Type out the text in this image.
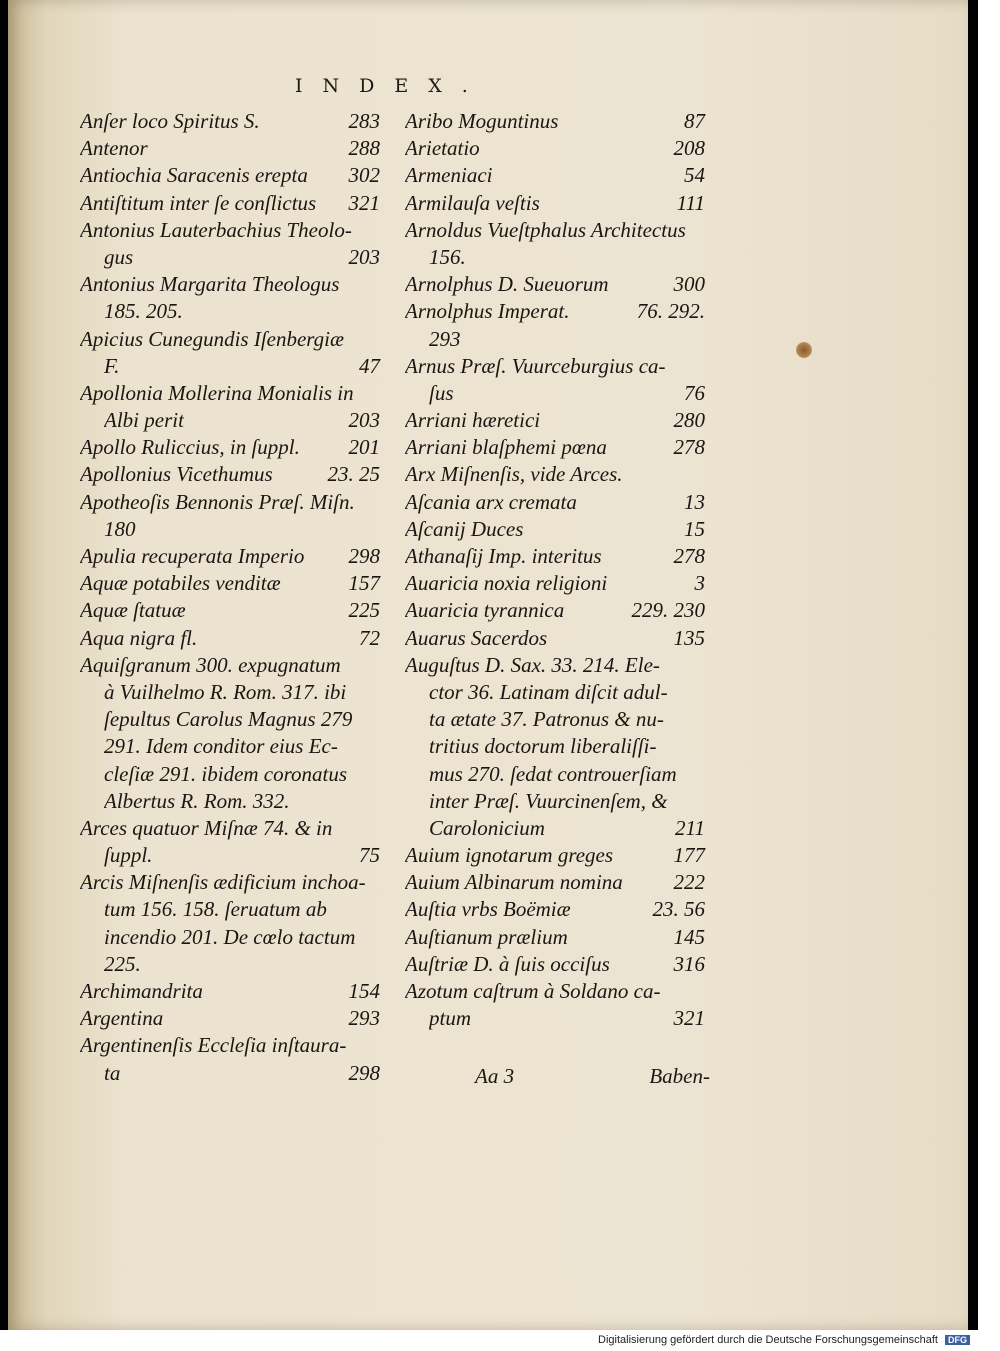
INDEX.
Anſer loco Spiritus S.	283
Antenor	288
Antiochia Saracenis erepta 302
Antiſtitum inter ſe conſlictus 321
Antonius Lauterbachius Theolo-
gus	203
Antonius Margarita Theologus
185. 205.
Apicius Cunegundis Iſenbergiæ
F.	47
Apollonia Mollerina Monialis in
Albi perit	203
Apollo Ruliccius, in ſuppl. 201
Apollonius Vicethumus	23. 25
Apotheoſis Bennonis Præſ. Miſn.
180
Apulia recuperata Imperio 298
Aquæ potabiles venditæ	157
Aquæ ſtatuæ	225
Aqua nigra fl.	72
Aquiſgranum 300. expugnatum
à Vuilhelmo R. Rom. 317. ibi
ſepultus Carolus Magnus 279
291. Idem conditor eius Ec-
cleſiæ 291. ibidem coronatus
Albertus R. Rom. 332.
Arces quatuor Miſnæ 74. & in
ſuppl.	75
Arcis Miſnenſis ædificium inchoa-
tum 156. 158. ſeruatum ab
incendio 201. De cœlo tactum
225.
Archimandrita	154
Argentina	293
Argentinenſis Eccleſia inſtaura-
ta	298
Aribo Moguntinus	87
Arietatio	208
Armeniaci	54
Armilauſa veſtis	111
Arnoldus Vueſtphalus Architectus
156.
Arnolphus D. Sueuorum	300
Arnolphus Imperat.	76. 292.
293
Arnus Præſ. Vuurceburgius ca-
ſus	76
Arriani hæretici	280
Arriani blaſphemi pœna	278
Arx Miſnenſis, vide Arces.
Aſcania arx cremata	13
Aſcanij Duces	15
Athanaſij Imp. interitus	278
Auaricia noxia religioni	3
Auaricia tyrannica	229. 230
Auarus Sacerdos	135
Auguſtus D. Sax. 33. 214. Ele-
ctor 36. Latinam diſcit adul-
ta ætate 37. Patronus & nu-
tritius doctorum liberaliſſi-
mus 270. ſedat controuerſiam
inter Præſ. Vuurcinenſem, &
Carolonicium	211
Auium ignotarum greges	177
Auium Albinarum nomina 222
Auſtia vrbs Boëmiæ	23. 56
Auſtianum prælium	145
Auſtriæ D. à ſuis occiſus	316
Azotum caſtrum à Soldano ca-
ptum	321
Aa 3	Baben-
Digitalisierung gefördert durch die Deutsche Forschungsgemeinschaft DFG
